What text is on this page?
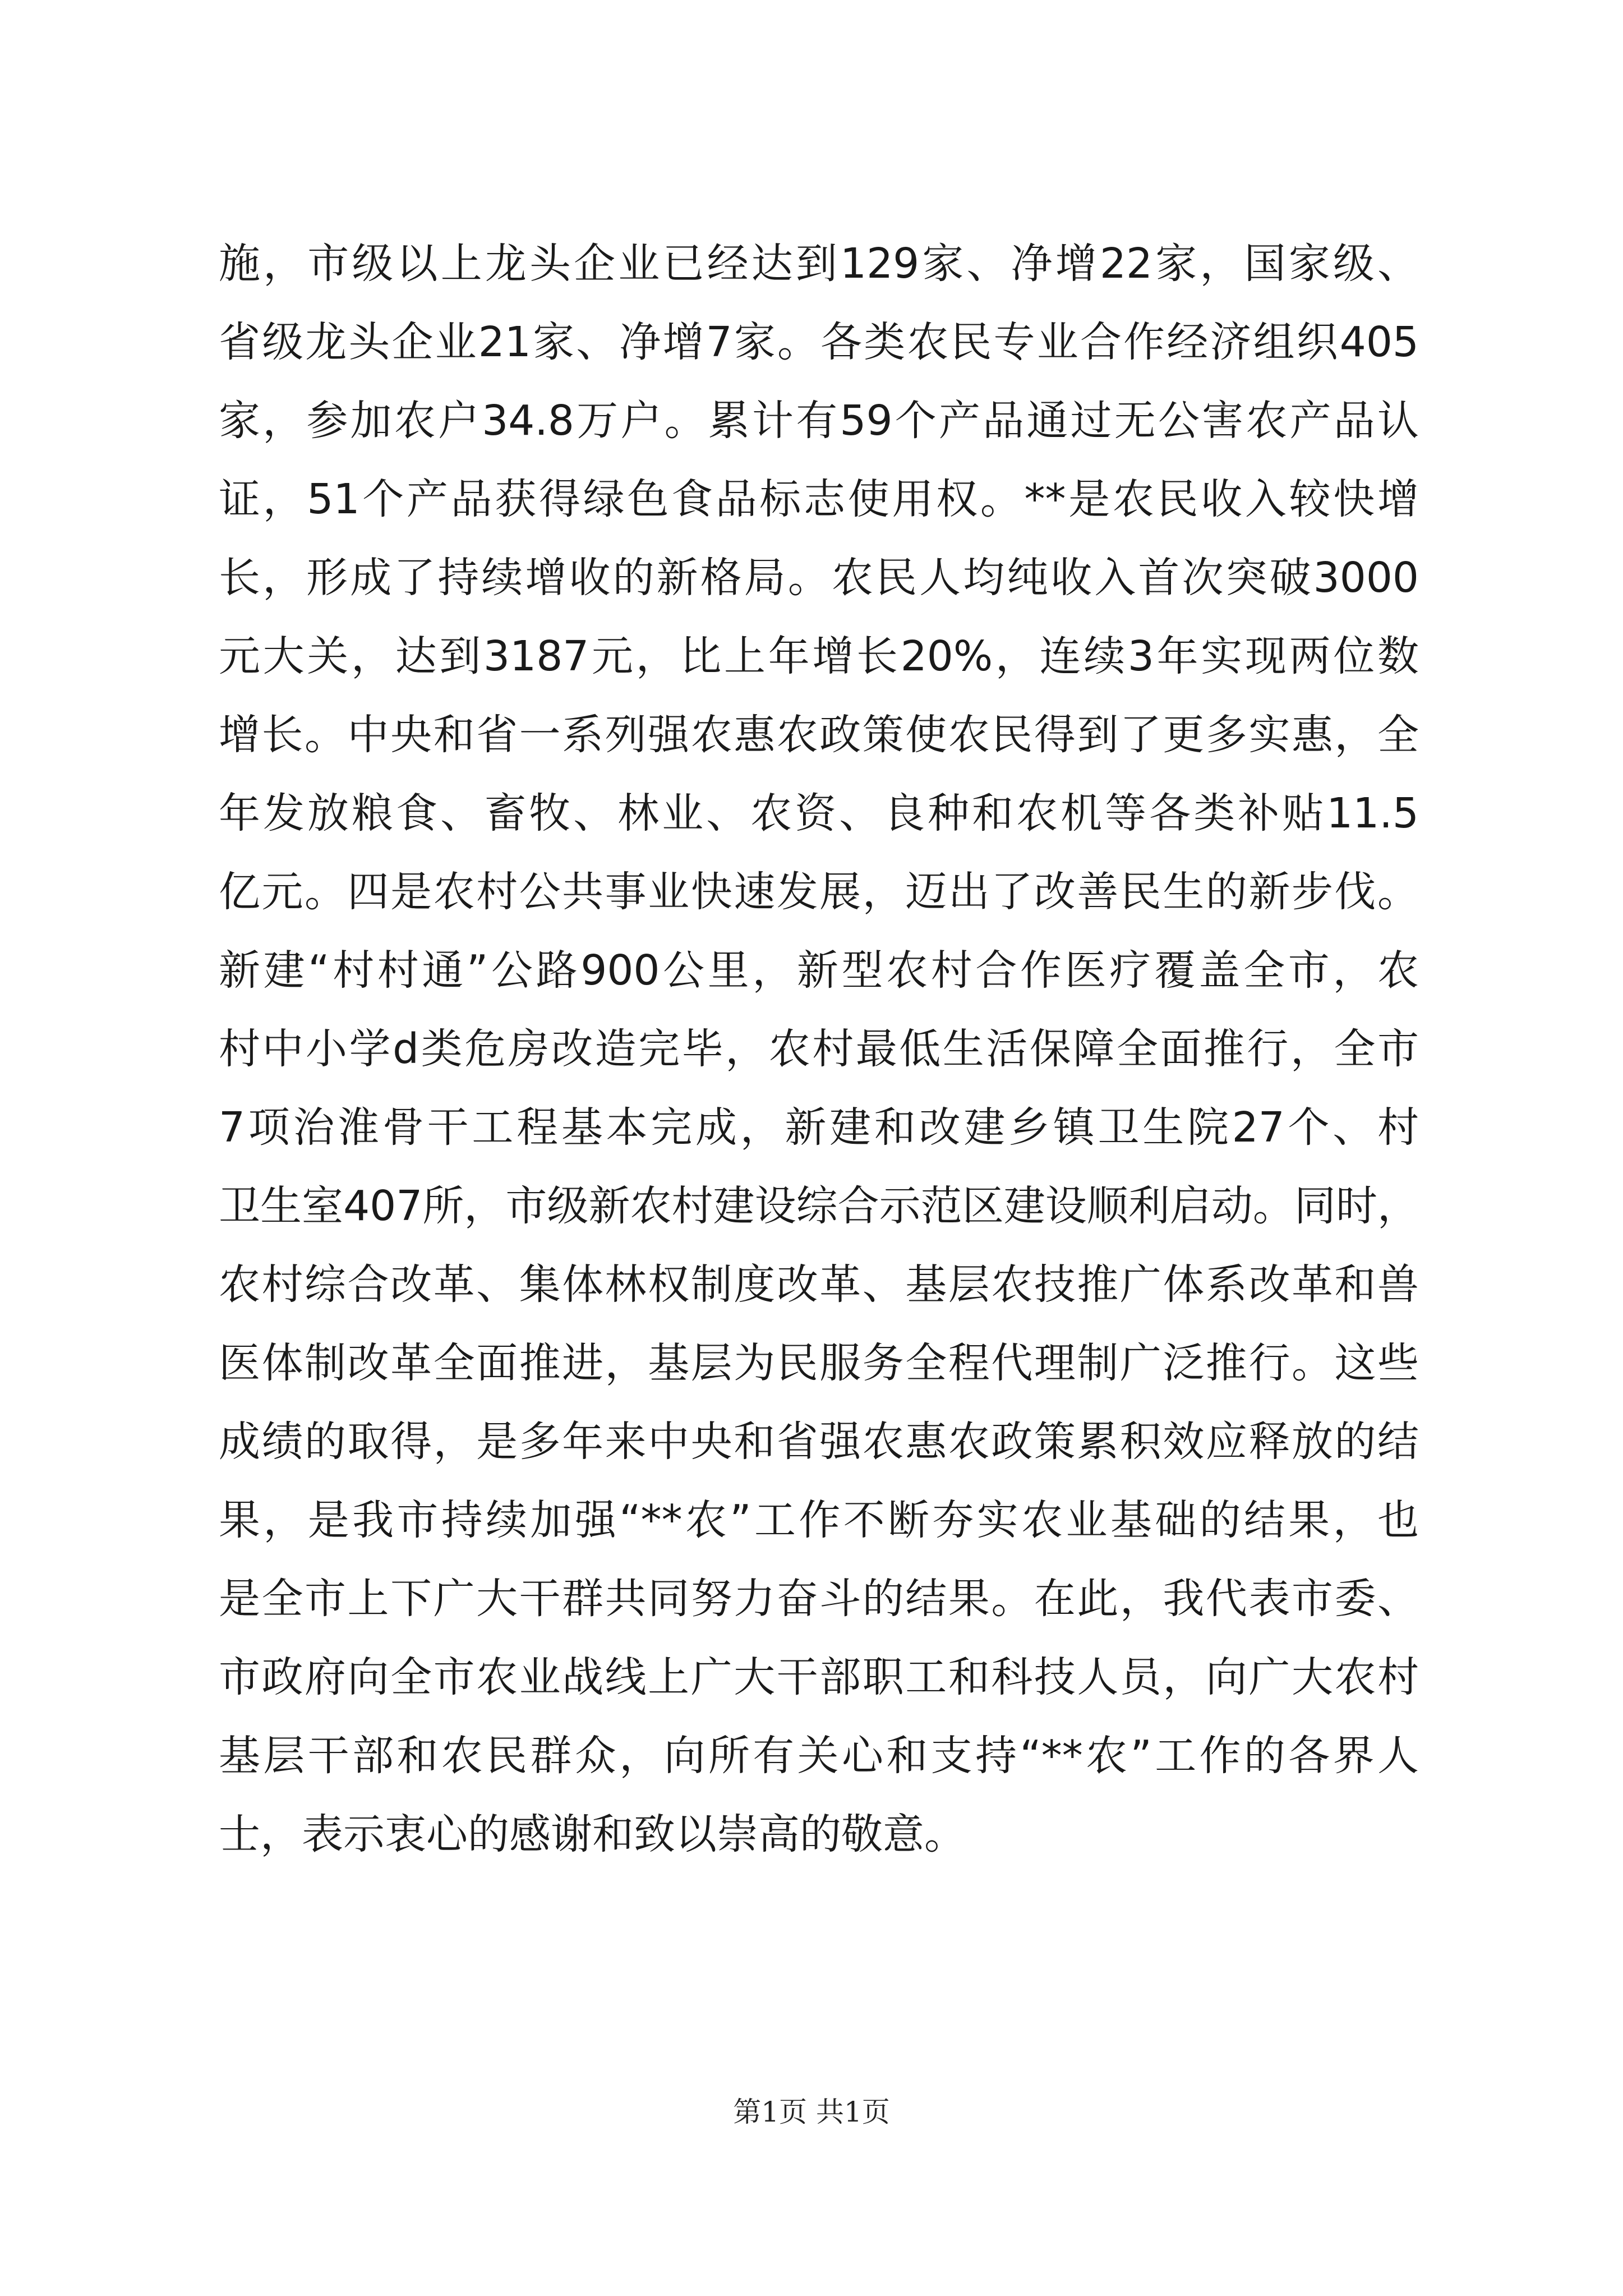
施，市级以上龙头企业已经达到129家、净增22家，国家级、
省级龙头企业21家、净增7家。各类农民专业合作经济组织405
家，参加农户34.8万户。累计有59个产品通过无公害农产品认
证，51个产品获得绿色食品标志使用权。**是农民收入较快增
长，形成了持续增收的新格局。农民人均纯收入首次突破3000
元大关，达到3187元，比上年增长20%，连续3年实现两位数
增长。中央和省一系列强农惠农政策使农民得到了更多实惠，全
年发放粮食、畜牧、林业、农资、良种和农机等各类补贴11.5
亿元。四是农村公共事业快速发展，迈出了改善民生的新步伐。
新建“村村通”公路900公里，新型农村合作医疗覆盖全市，农
村中小学d类危房改造完毕，农村最低生活保障全面推行，全市
7项治淮骨干工程基本完成，新建和改建乡镇卫生院27个、村
卫生室407所，市级新农村建设综合示范区建设顺利启动。同时，
农村综合改革、集体林权制度改革、基层农技推广体系改革和兽
医体制改革全面推进，基层为民服务全程代理制广泛推行。这些
成绩的取得，是多年来中央和省强农惠农政策累积效应释放的结
果，是我市持续加强“**农”工作不断夯实农业基础的结果，也
是全市上下广大干群共同努力奋斗的结果。在此，我代表市委、
市政府向全市农业战线上广大干部职工和科技人员，向广大农村
基层干部和农民群众，向所有关心和支持“**农”工作的各界人
士，表示衷心的感谢和致以崇高的敬意。
第1页 共1页
